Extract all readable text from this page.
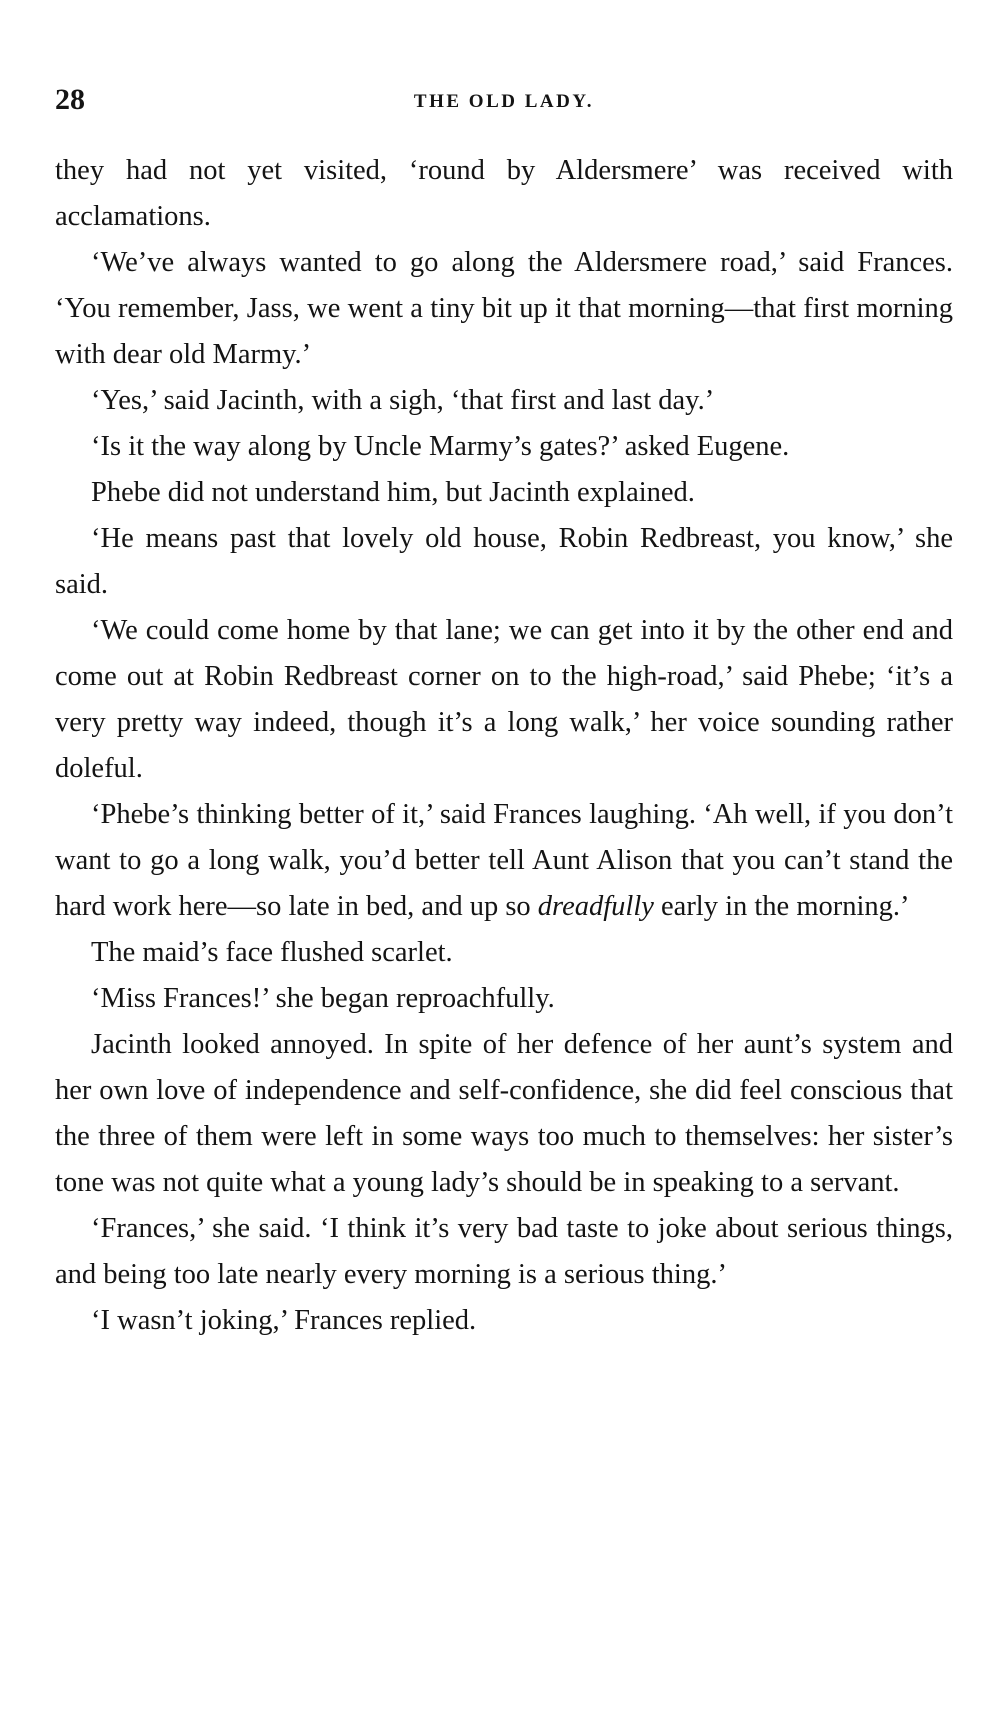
28	THE OLD LADY.

they had not yet visited, ‘round by Aldersmere’ was received with acclamations.

‘We’ve always wanted to go along the Aldersmere road,’ said Frances. ‘You remember, Jass, we went a tiny bit up it that morning—that first morning with dear old Marmy.’

‘Yes,’ said Jacinth, with a sigh, ‘that first and last day.’

‘Is it the way along by Uncle Marmy’s gates?’ asked Eugene.

Phebe did not understand him, but Jacinth explained.

‘He means past that lovely old house, Robin Redbreast, you know,’ she said.

‘We could come home by that lane; we can get into it by the other end and come out at Robin Redbreast corner on to the high-road,’ said Phebe; ‘it’s a very pretty way indeed, though it’s a long walk,’ her voice sounding rather doleful.

‘Phebe’s thinking better of it,’ said Frances laughing. ‘Ah well, if you don’t want to go a long walk, you’d better tell Aunt Alison that you can’t stand the hard work here—so late in bed, and up so dreadfully early in the morning.’

The maid’s face flushed scarlet.

‘Miss Frances!’ she began reproachfully.

Jacinth looked annoyed. In spite of her defence of her aunt’s system and her own love of independence and self-confidence, she did feel conscious that the three of them were left in some ways too much to themselves: her sister’s tone was not quite what a young lady’s should be in speaking to a servant.

‘Frances,’ she said. ‘I think it’s very bad taste to joke about serious things, and being too late nearly every morning is a serious thing.’

‘I wasn’t joking,’ Frances replied.
